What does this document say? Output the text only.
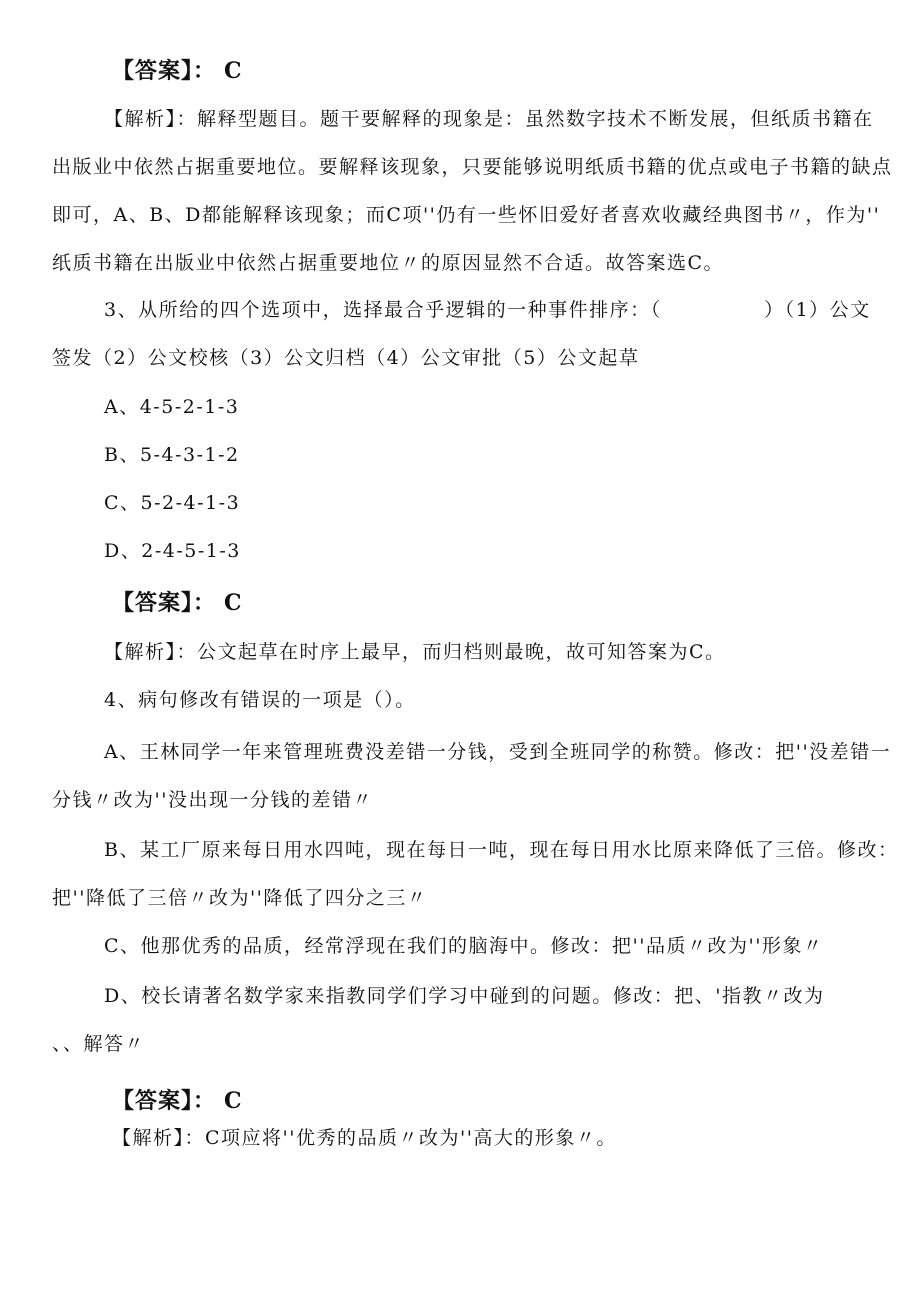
【答案】： C
【解析】：解释型题目。题干要解释的现象是：虽然数字技术不断发展，但纸质书籍在
出版业中依然占据重要地位。要解释该现象，只要能够说明纸质书籍的优点或电子书籍的缺点
即可，A、B、D都能解释该现象；而C项''仍有一些怀旧爱好者喜欢收藏经典图书〃，作为''
纸质书籍在出版业中依然占据重要地位〃的原因显然不合适。故答案选C。
3、从所给的四个选项中，选择最合乎逻辑的一种事件排序：（　　　　　）（1）公文
签发（2）公文校核（3）公文归档（4）公文审批（5）公文起草
A、4-5-2-1-3
B、5-4-3-1-2
C、5-2-4-1-3
D、2-4-5-1-3
【答案】： C
【解析】：公文起草在时序上最早，而归档则最晚，故可知答案为C。
4、病句修改有错误的一项是（）。
A、王林同学一年来管理班费没差错一分钱，受到全班同学的称赞。修改：把''没差错一
分钱〃改为''没出现一分钱的差错〃
B、某工厂原来每日用水四吨，现在每日一吨，现在每日用水比原来降低了三倍。修改：
把''降低了三倍〃改为''降低了四分之三〃
C、他那优秀的品质，经常浮现在我们的脑海中。修改：把''品质〃改为''形象〃
D、校长请著名数学家来指教同学们学习中碰到的问题。修改：把、'指教〃改为
、、解答〃
【答案】： C
【解析】：C项应将''优秀的品质〃改为''高大的形象〃。
